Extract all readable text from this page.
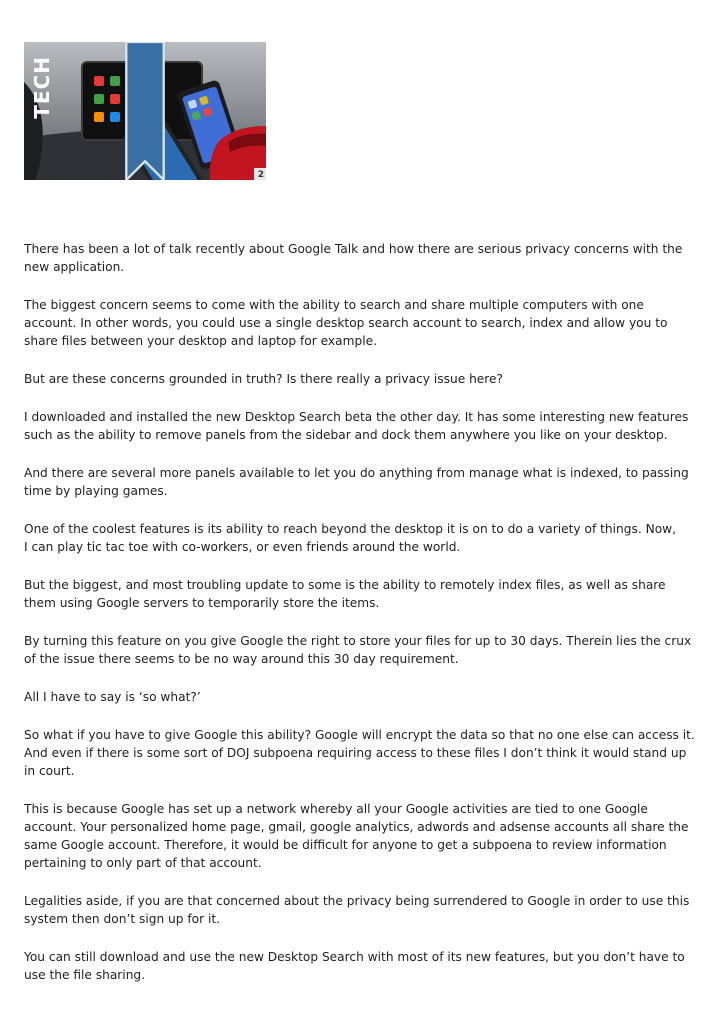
2
TECH

There has been a lot of talk recently about Google Talk and how there are serious privacy concerns with the new application.

The biggest concern seems to come with the ability to search and share multiple computers with one account. In other words, you could use a single desktop search account to search, index and allow you to share files between your desktop and laptop for example.

But are these concerns grounded in truth? Is there really a privacy issue here?

I downloaded and installed the new Desktop Search beta the other day. It has some interesting new features such as the ability to remove panels from the sidebar and dock them anywhere you like on your desktop.

And there are several more panels available to let you do anything from manage what is indexed, to passing time by playing games.

One of the coolest features is its ability to reach beyond the desktop it is on to do a variety of things. Now,
I can play tic tac toe with co-workers, or even friends around the world.

But the biggest, and most troubling update to some is the ability to remotely index files, as well as share them using Google servers to temporarily store the items.

By turning this feature on you give Google the right to store your files for up to 30 days. Therein lies the crux of the issue there seems to be no way around this 30 day requirement.

All I have to say is ‘so what?’

So what if you have to give Google this ability? Google will encrypt the data so that no one else can access it. And even if there is some sort of DOJ subpoena requiring access to these files I don’t think it would stand up in court.

This is because Google has set up a network whereby all your Google activities are tied to one Google account. Your personalized home page, gmail, google analytics, adwords and adsense accounts all share the same Google account. Therefore, it would be difficult for anyone to get a subpoena to review information pertaining to only part of that account.

Legalities aside, if you are that concerned about the privacy being surrendered to Google in order to use this system then don’t sign up for it.

You can still download and use the new Desktop Search with most of its new features, but you don’t have to use the file sharing.
